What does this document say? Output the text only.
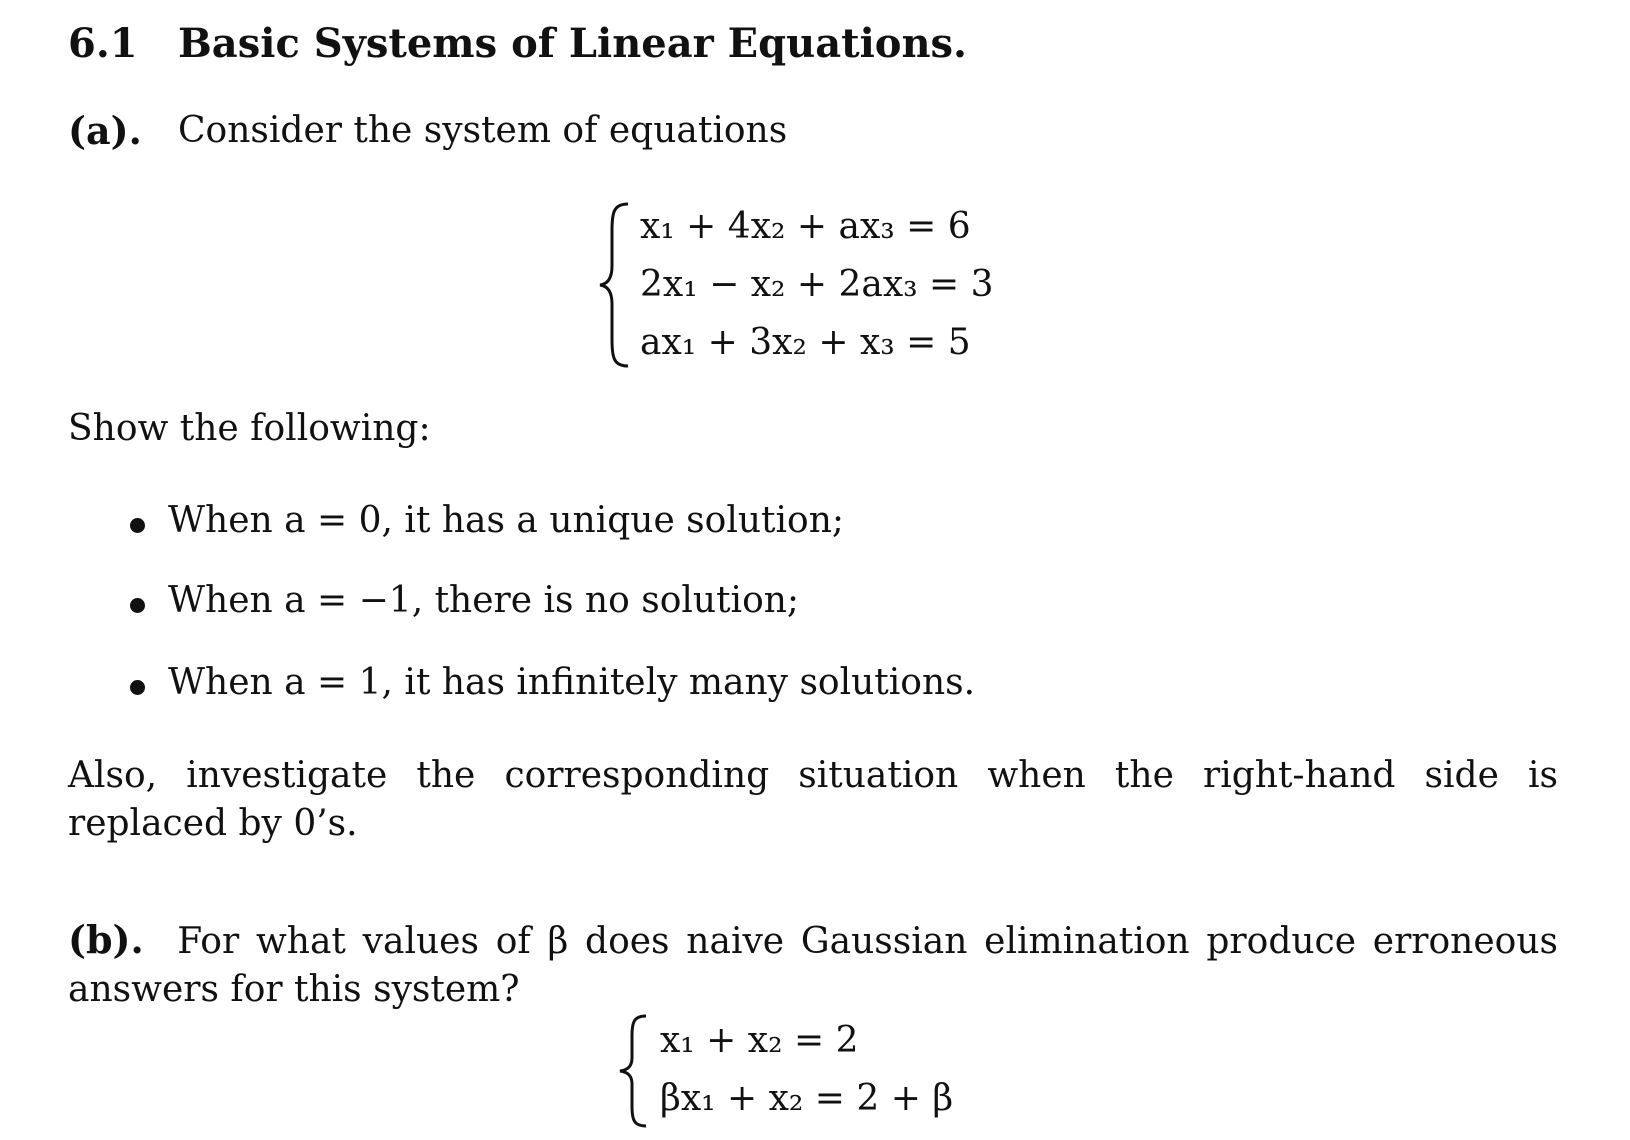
6.1 Basic Systems of Linear Equations.
(a). Consider the system of equations
x₁ + 4x₂ + ax₃ = 6
2x₁ − x₂ + 2ax₃ = 3
ax₁ + 3x₂ + x₃ = 5
Show the following:
When a = 0, it has a unique solution;
When a = −1, there is no solution;
When a = 1, it has infinitely many solutions.
Also, investigate the corresponding situation when the right-hand side is replaced by 0’s.
(b). For what values of β does naive Gaussian elimination produce erroneous answers for this system?
x₁ + x₂ = 2
βx₁ + x₂ = 2 + β
